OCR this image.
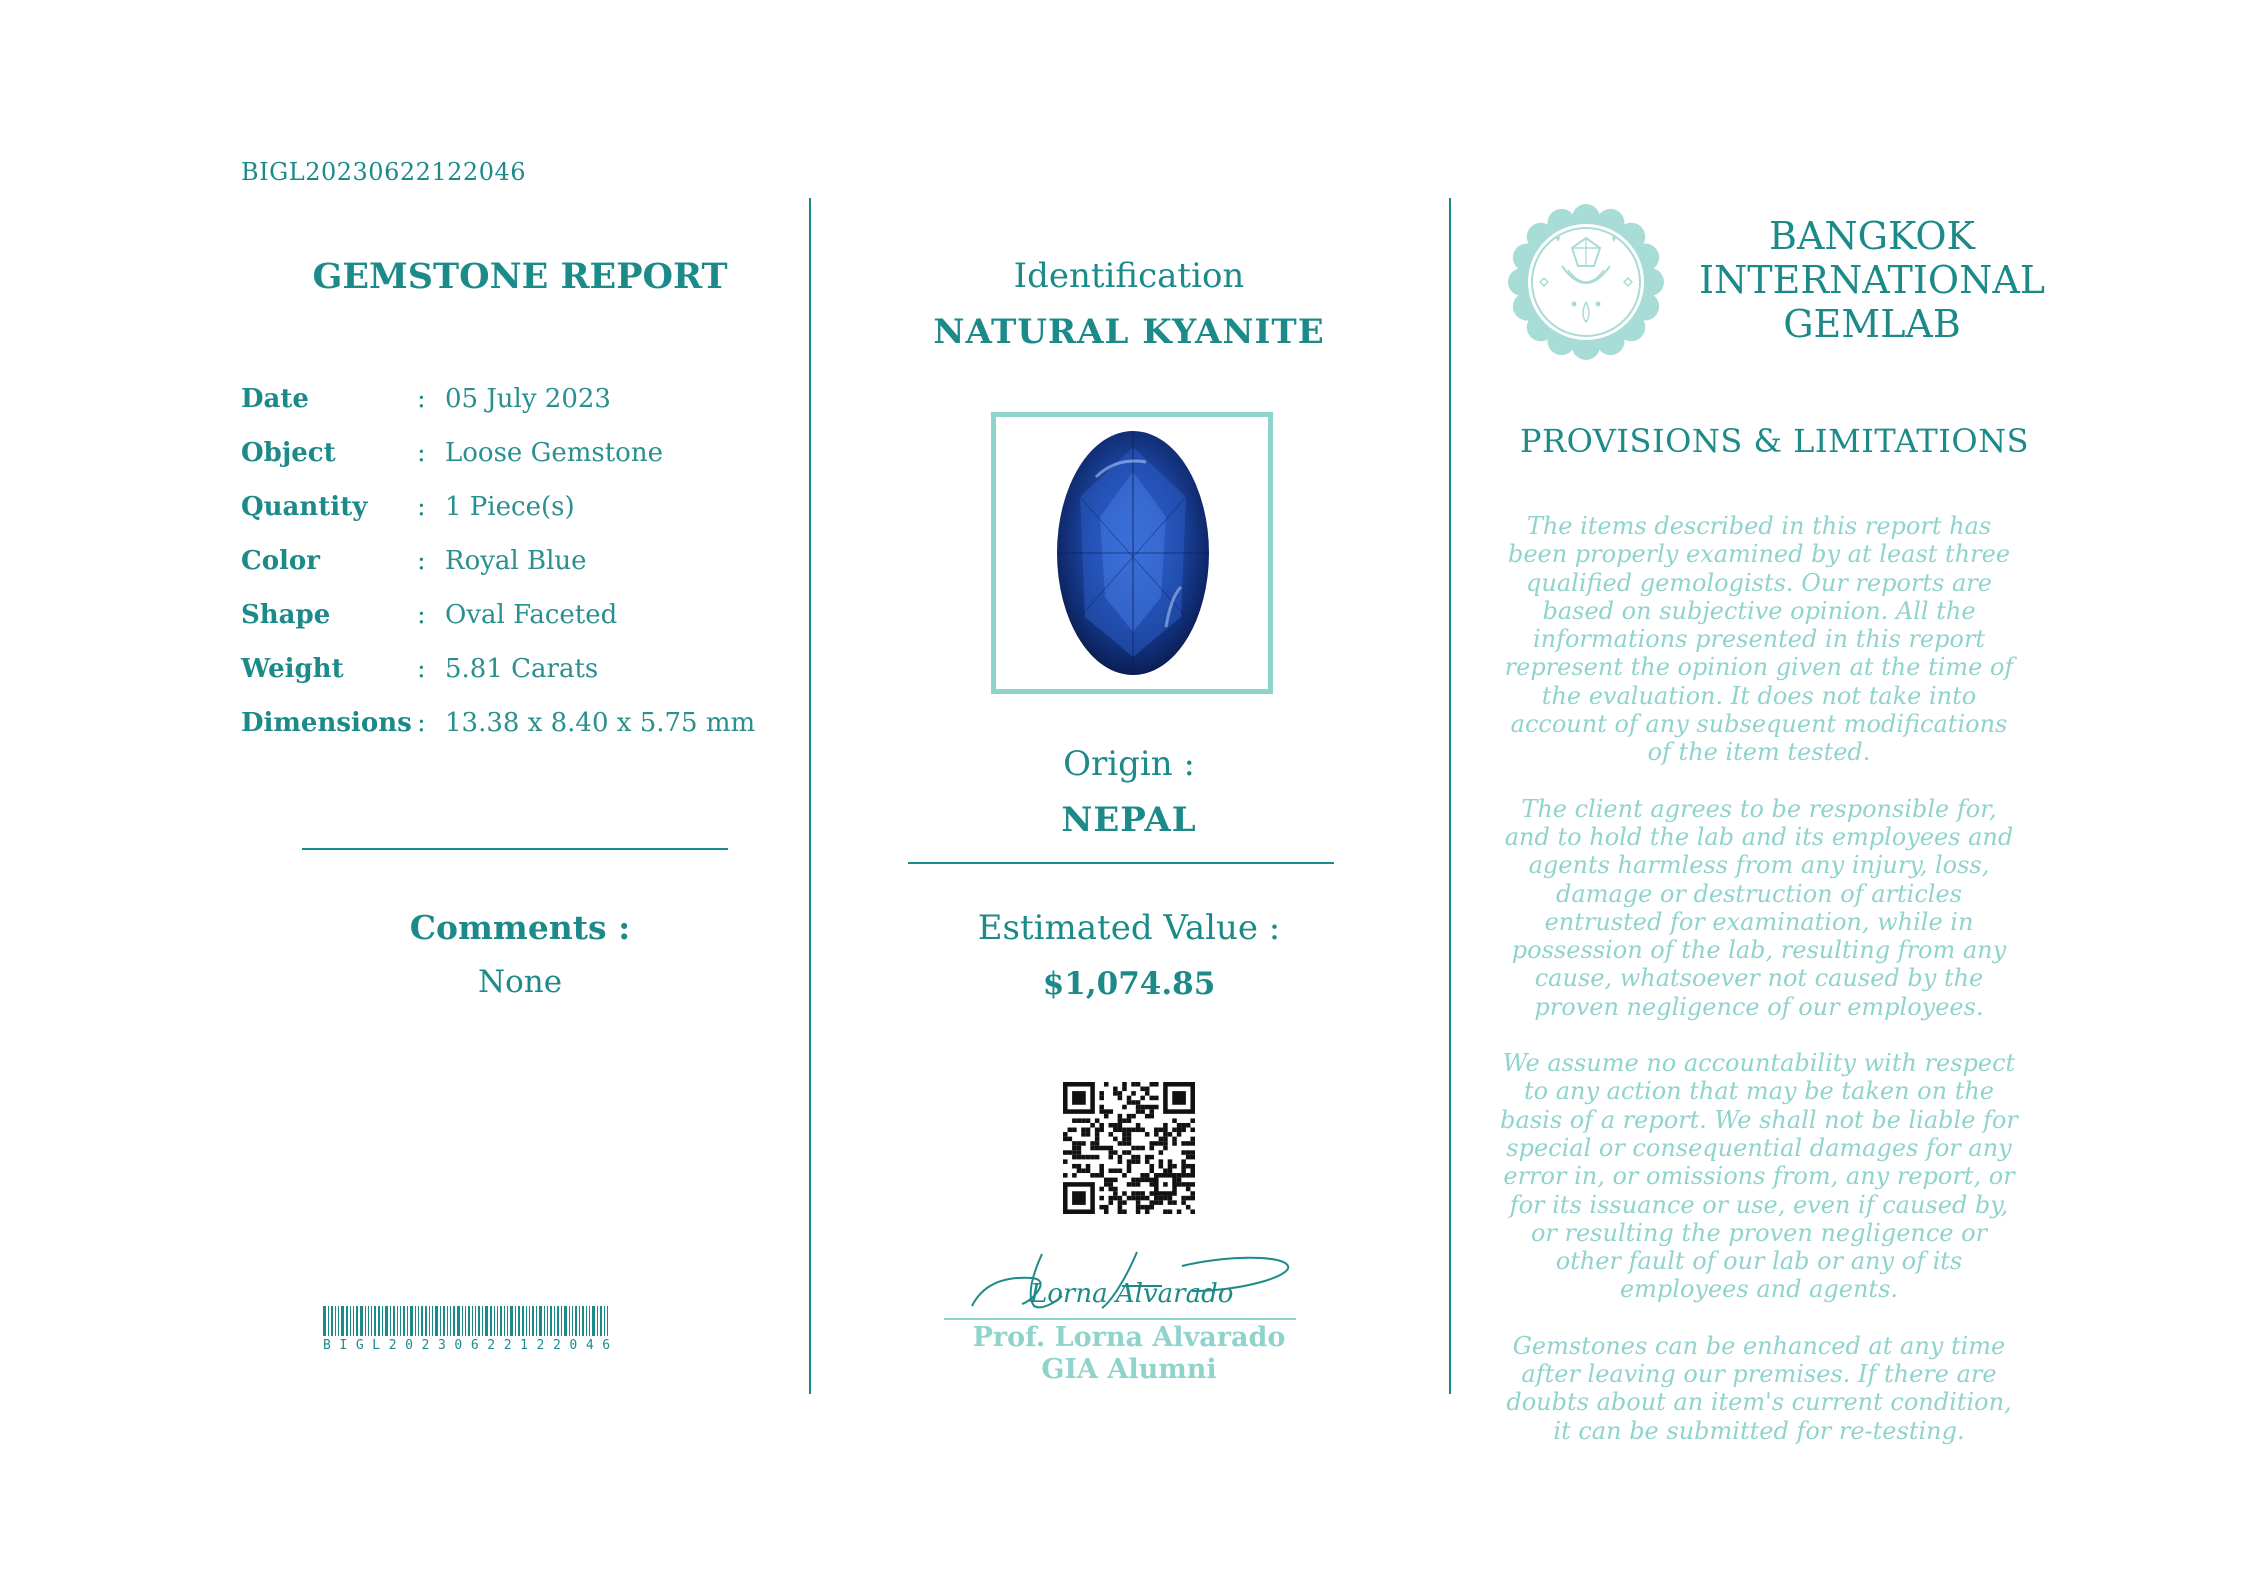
BIGL20230622122046
GEMSTONE REPORT
Date	: 05 July 2023
Object	: Loose Gemstone
Quantity	: 1 Piece(s)
Color	: Royal Blue
Shape	: Oval Faceted
Weight	: 5.81 Carats
Dimensions : 13.38 x 8.40 x 5.75 mm
Comments :
None
BIGL20230622122046
Identification
NATURAL KYANITE
Origin :
NEPAL
Estimated Value :
$1,074.85
Lorna Alvarado
Prof. Lorna Alvarado
GIA Alumni
BANGKOK
INTERNATIONAL
GEMLAB
PROVISIONS & LIMITATIONS

The items described in this report has been properly examined by at least three qualified gemologists. Our reports are based on subjective opinion. All the informations presented in this report represent the opinion given at the time of the evaluation. It does not take into account of any subsequent modifications of the item tested.

The client agrees to be responsible for, and to hold the lab and its employees and agents harmless from any injury, loss, damage or destruction of articles entrusted for examination, while in possession of the lab, resulting from any cause, whatsoever not caused by the proven negligence of our employees.

We assume no accountability with respect to any action that may be taken on the basis of a report. We shall not be liable for special or consequential damages for any error in, or omissions from, any report, or for its issuance or use, even if caused by, or resulting the proven negligence or other fault of our lab or any of its employees and agents.

Gemstones can be enhanced at any time after leaving our premises. If there are doubts about an item's current condition, it can be submitted for re-testing.
